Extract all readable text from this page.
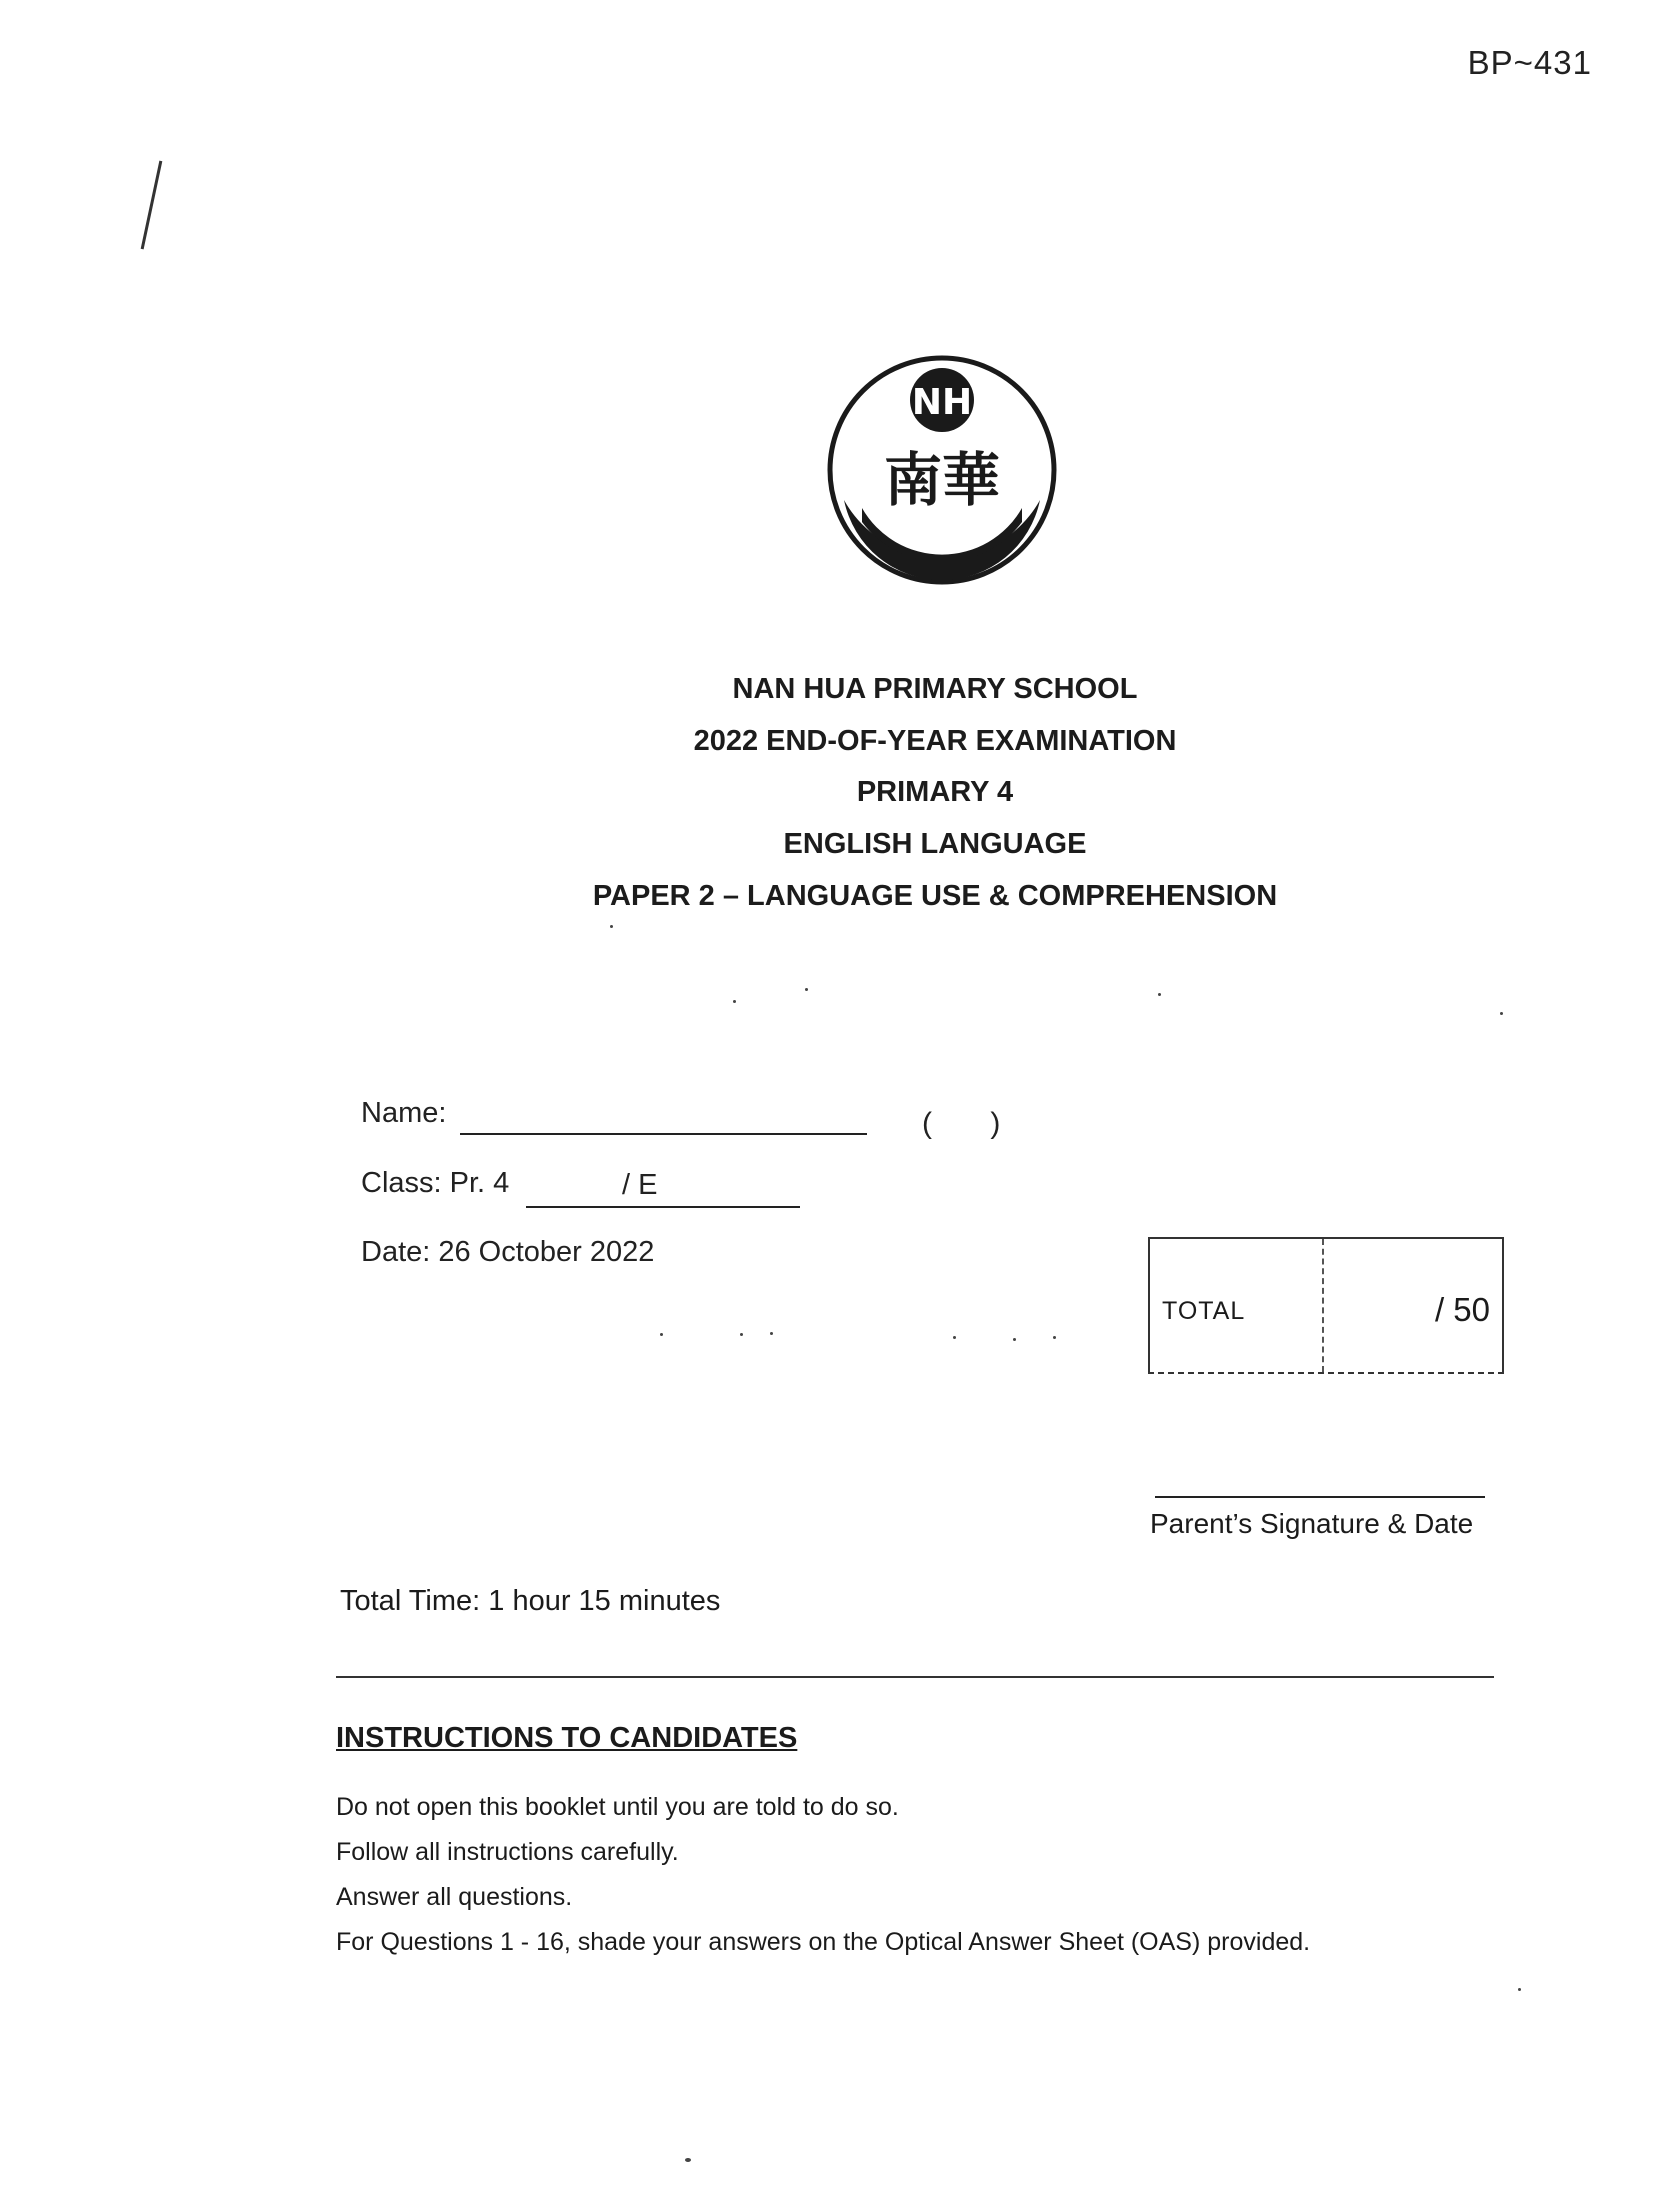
BP~431
NH
南華
NAN HUA PRIMARY SCHOOL
2022 END-OF-YEAR EXAMINATION
PRIMARY 4
ENGLISH LANGUAGE
PAPER 2 – LANGUAGE USE & COMPREHENSION
Name:	(       )
Class: Pr. 4	/ E
Date: 26 October 2022
TOTAL	/ 50
Parent’s Signature & Date
Total Time: 1 hour 15 minutes
INSTRUCTIONS TO CANDIDATES
Do not open this booklet until you are told to do so.
Follow all instructions carefully.
Answer all questions.
For Questions 1 - 16, shade your answers on the Optical Answer Sheet (OAS) provided.
